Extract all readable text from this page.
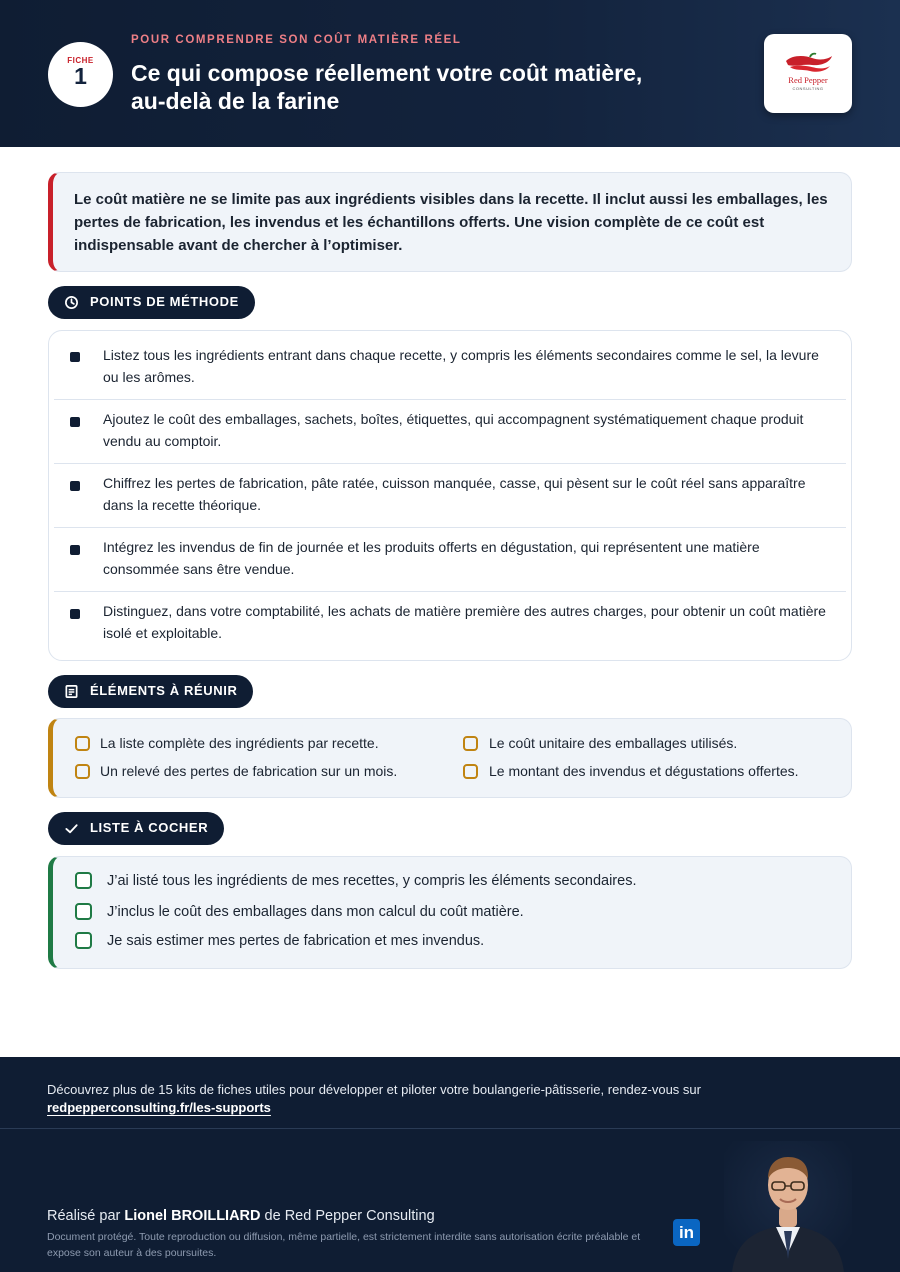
FICHE
1
POUR COMPRENDRE SON COÛT MATIÈRE RÉEL
Ce qui compose réellement votre coût matière, au-delà de la farine
Red Pepper
CONSULTING

Le coût matière ne se limite pas aux ingrédients visibles dans la recette. Il inclut aussi les emballages, les pertes de fabrication, les invendus et les échantillons offerts. Une vision complète de ce coût est indispensable avant de chercher à l’optimiser.

POINTS DE MÉTHODE
Listez tous les ingrédients entrant dans chaque recette, y compris les éléments secondaires comme le sel, la levure ou les arômes.
Ajoutez le coût des emballages, sachets, boîtes, étiquettes, qui accompagnent systématiquement chaque produit vendu au comptoir.
Chiffrez les pertes de fabrication, pâte ratée, cuisson manquée, casse, qui pèsent sur le coût réel sans apparaître dans la recette théorique.
Intégrez les invendus de fin de journée et les produits offerts en dégustation, qui représentent une matière consommée sans être vendue.
Distinguez, dans votre comptabilité, les achats de matière première des autres charges, pour obtenir un coût matière isolé et exploitable.
ÉLÉMENTS À RÉUNIR
La liste complète des ingrédients par recette.	Le coût unitaire des emballages utilisés.
Un relevé des pertes de fabrication sur un mois.	Le montant des invendus et dégustations offertes.
LISTE À COCHER
J’ai listé tous les ingrédients de mes recettes, y compris les éléments secondaires.
J’inclus le coût des emballages dans mon calcul du coût matière.
Je sais estimer mes pertes de fabrication et mes invendus.
Découvrez plus de 15 kits de fiches utiles pour développer et piloter votre boulangerie-pâtisserie, rendez-vous sur
redpepperconsulting.fr/les-supports
Réalisé par Lionel BROILLIARD de Red Pepper Consulting
Document protégé. Toute reproduction ou diffusion, même partielle, est strictement interdite sans autorisation écrite préalable et expose son auteur à des poursuites.
in
